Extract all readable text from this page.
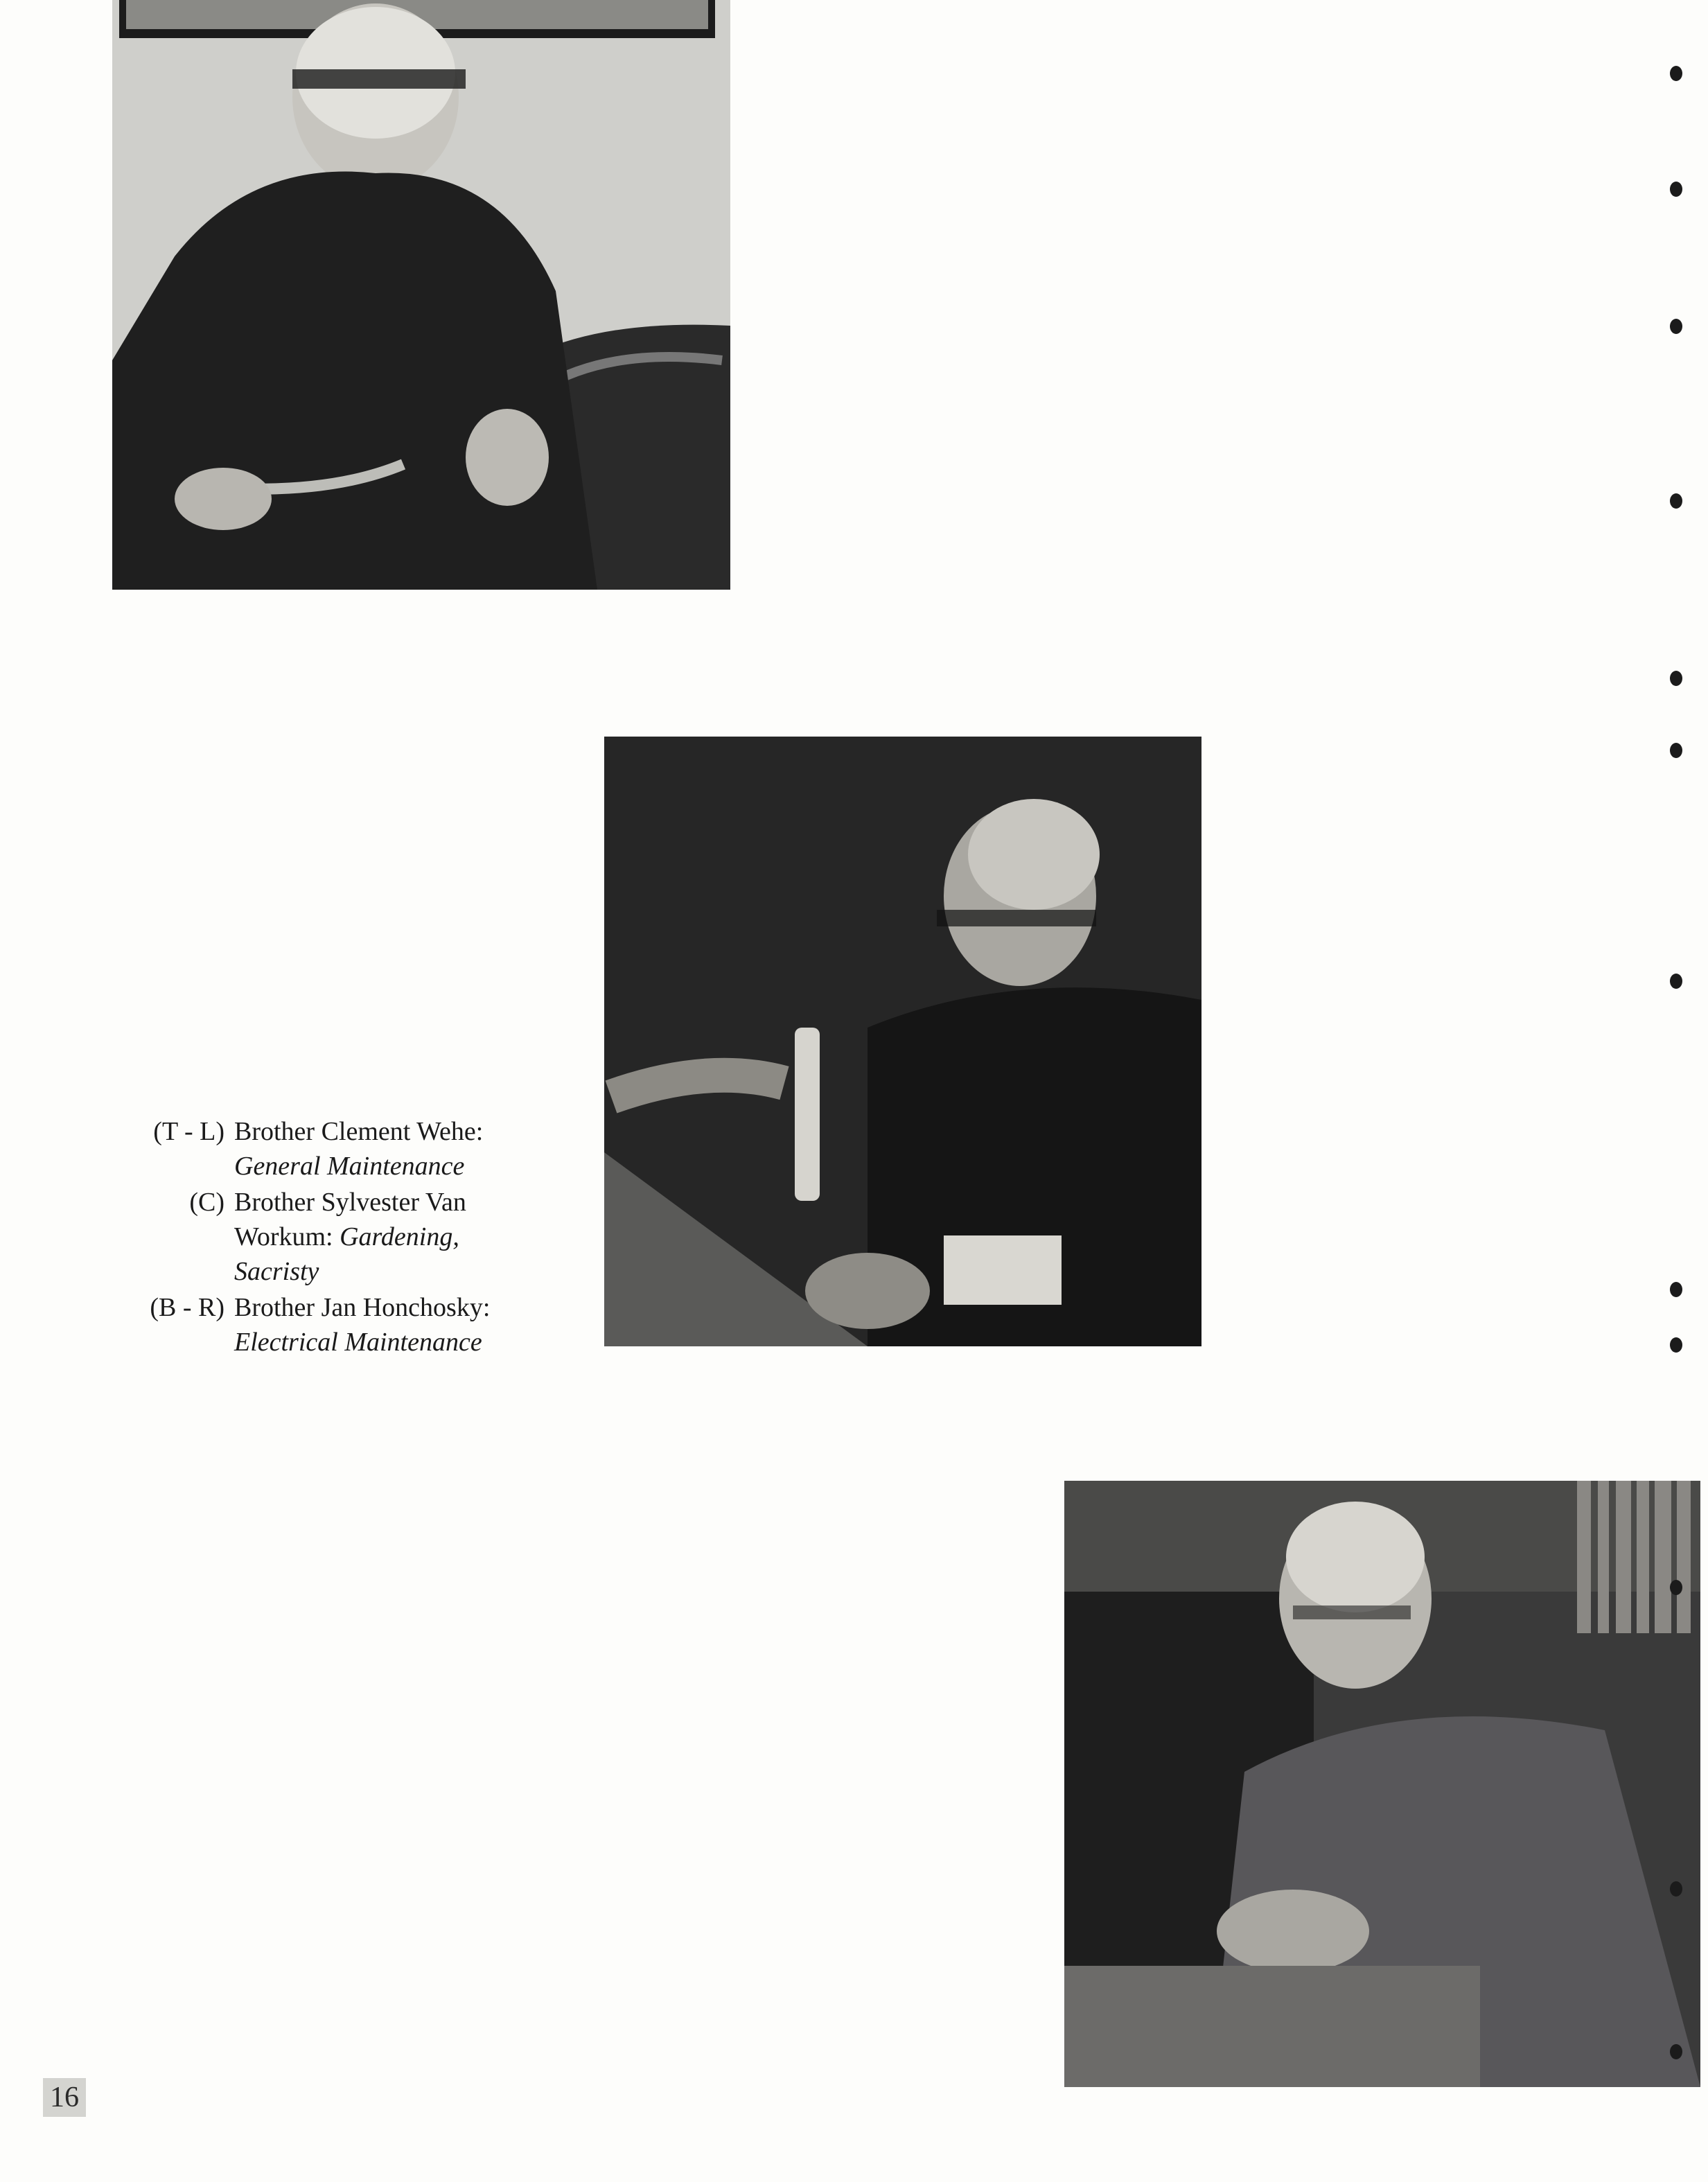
(T - L) Brother Clement Wehe:
General Maintenance
(C) Brother Sylvester Van Workum: Gardening, Sacristy
(B - R) Brother Jan Honchosky:
Electrical Maintenance
16
